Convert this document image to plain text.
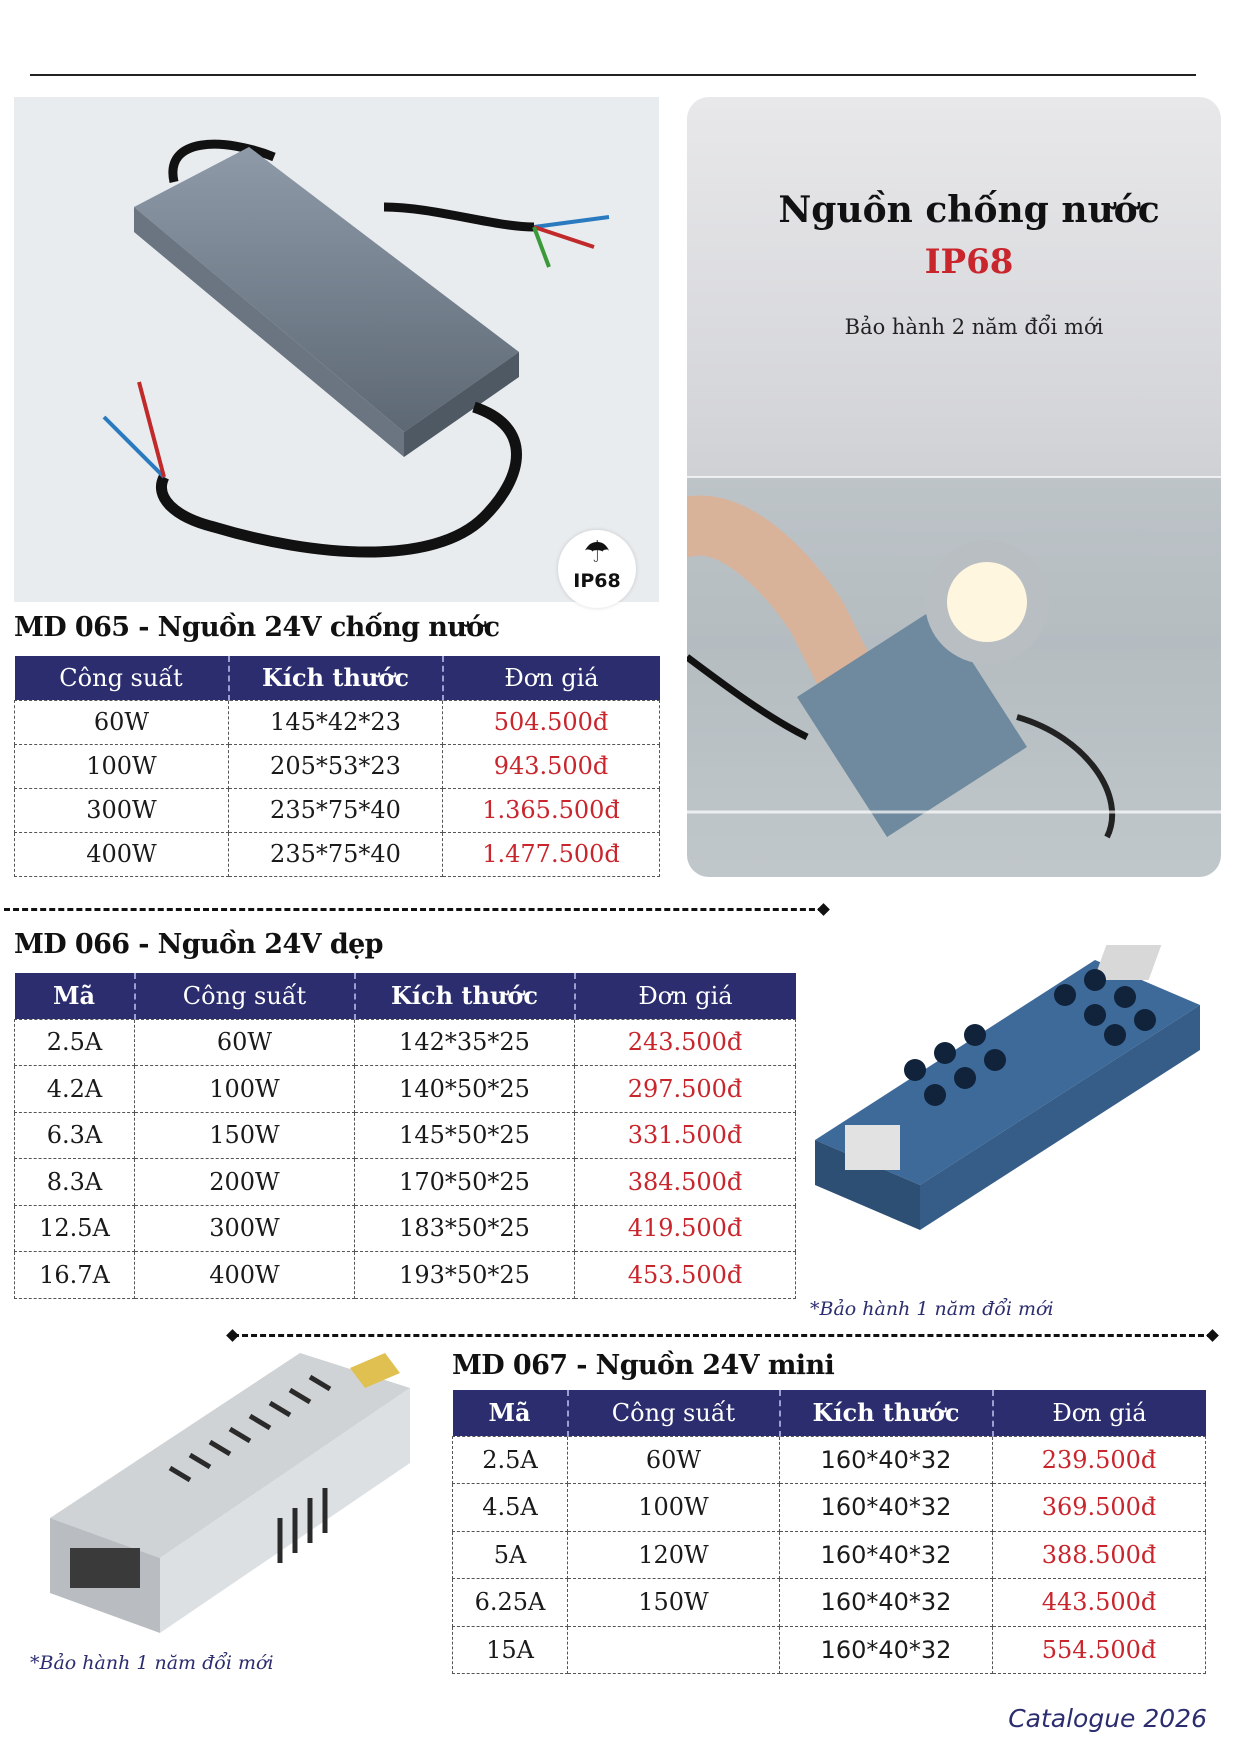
☂
IP68
MD 065 - Nguồn 24V chống nước
Công suất	Kích thước	Đơn giá
60W	145*42*23	504.500đ
100W	205*53*23	943.500đ
300W	235*75*40	1.365.500đ
400W	235*75*40	1.477.500đ
Nguồn chống nước
IP68
Bảo hành 2 năm đổi mới
MD 066 - Nguồn 24V dẹp
Mã	Công suất	Kích thước	Đơn giá
2.5A	60W	142*35*25	243.500đ
4.2A	100W	140*50*25	297.500đ
6.3A	150W	145*50*25	331.500đ
8.3A	200W	170*50*25	384.500đ
12.5A	300W	183*50*25	419.500đ
16.7A	400W	193*50*25	453.500đ
*Bảo hành 1 năm đổi mới
*Bảo hành 1 năm đổi mới
MD 067 - Nguồn 24V mini
Mã	Công suất	Kích thước	Đơn giá
2.5A	60W	160*40*32	239.500đ
4.5A	100W	160*40*32	369.500đ
5A	120W	160*40*32	388.500đ
6.25A	150W	160*40*32	443.500đ
15A		160*40*32	554.500đ
Catalogue 2026
